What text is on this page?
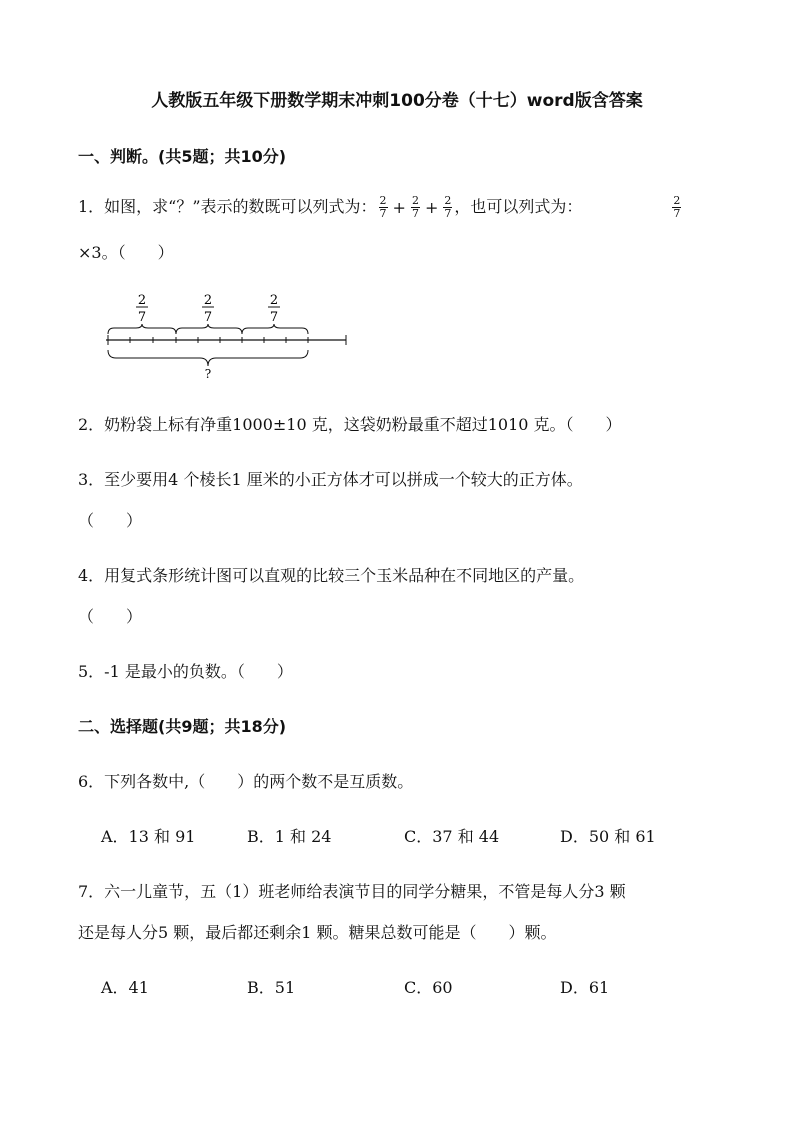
人教版五年级下册数学期末冲刺100分卷（十七）word版含答案
一、判断。(共5题；共10分)
1．如图，求“？”表示的数既可以列式为： $\frac{2}{7} + \frac{2}{7} + \frac{2}{7}$ ，也可以列式为：	$\frac{2}{7}$
×3。（　　）
2
7
2
7
2
7
?
2．奶粉袋上标有净重1000±10 克，这袋奶粉最重不超过1010 克。（　　）
3．至少要用4 个棱长1 厘米的小正方体才可以拼成一个较大的正方体。
（　　）
4．用复式条形统计图可以直观的比较三个玉米品种在不同地区的产量。
（　　）
5．-1 是最小的负数。（　　）
二、选择题(共9题；共18分)
6．下列各数中,（　　）的两个数不是互质数。
A．13 和 91	B．1 和 24	C．37 和 44	D．50 和 61
7．六一儿童节，五（1）班老师给表演节目的同学分糖果，不管是每人分3 颗
还是每人分5 颗，最后都还剩余1 颗。糖果总数可能是（　　）颗。
A．41	B．51	C．60	D．61
